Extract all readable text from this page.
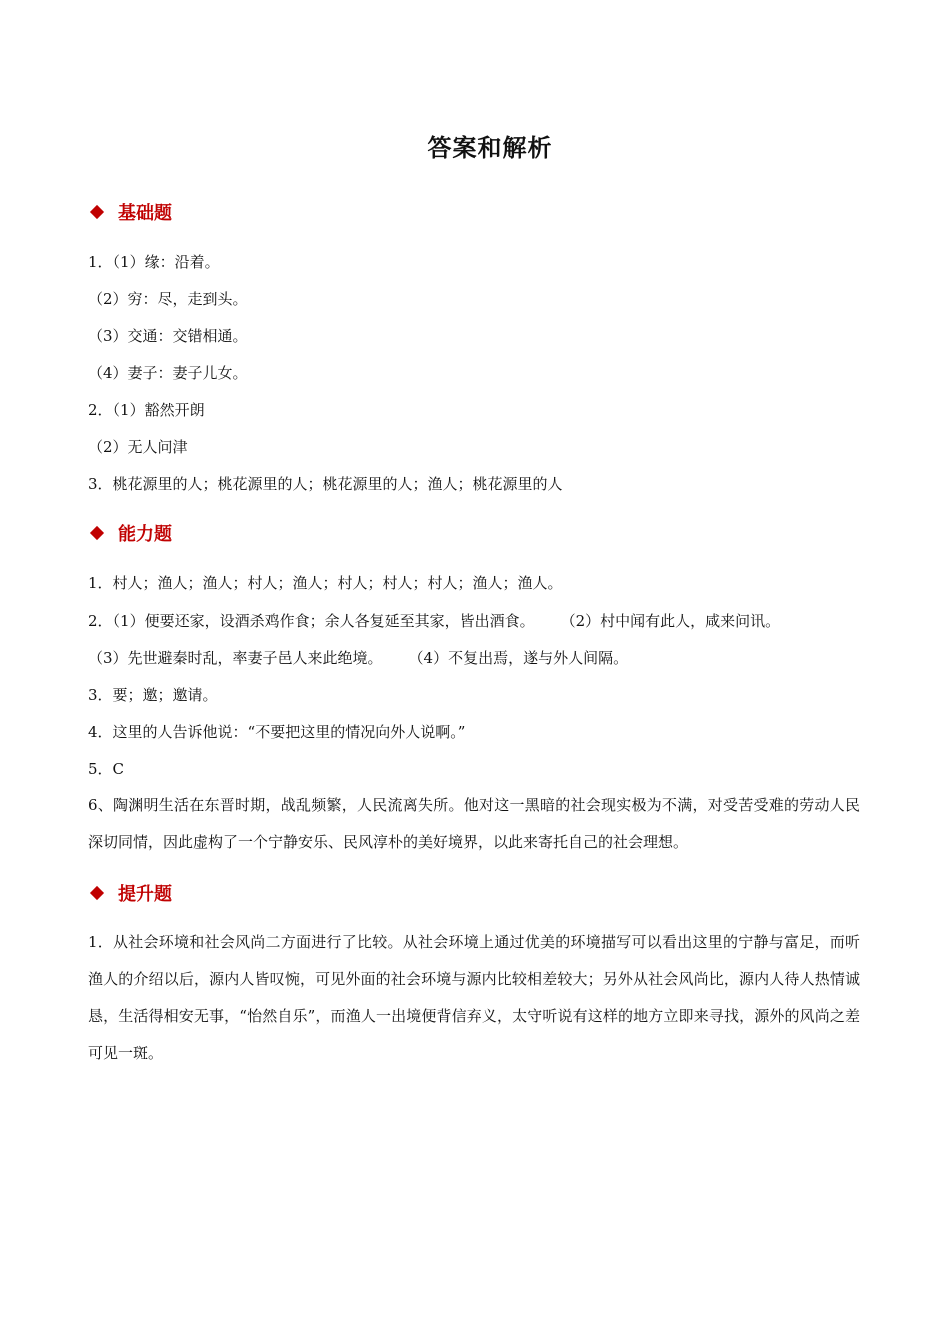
答案和解析
基础题
1．（1）缘：沿着。
（2）穷：尽，走到头。
（3）交通：交错相通。
（4）妻子：妻子儿女。
2．（1）豁然开朗
（2）无人问津
3．桃花源里的人；桃花源里的人；桃花源里的人；渔人；桃花源里的人
能力题
1．村人；渔人；渔人；村人；渔人；村人；村人；村人；渔人；渔人。
2．（1）便要还家，设酒杀鸡作食；余人各复延至其家，皆出酒食。 （2）村中闻有此人，咸来问讯。
（3）先世避秦时乱，率妻子邑人来此绝境。 （4）不复出焉，遂与外人间隔。
3．要；邀；邀请。
4．这里的人告诉他说：“不要把这里的情况向外人说啊。”
5．C
6、陶渊明生活在东晋时期，战乱频繁，人民流离失所。他对这一黑暗的社会现实极为不满，对受苦受难的劳动人民深切同情，因此虚构了一个宁静安乐、民风淳朴的美好境界，以此来寄托自己的社会理想。
提升题
1．从社会环境和社会风尚二方面进行了比较。从社会环境上通过优美的环境描写可以看出这里的宁静与富足，而听渔人的介绍以后，源内人皆叹惋，可见外面的社会环境与源内比较相差较大；另外从社会风尚比，源内人待人热情诚恳，生活得相安无事，“怡然自乐”，而渔人一出境便背信弃义，太守听说有这样的地方立即来寻找，源外的风尚之差可见一斑。
